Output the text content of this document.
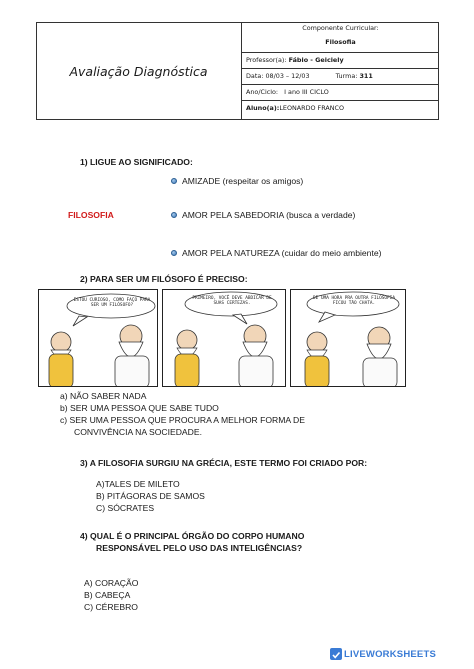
Avaliação Diagnóstica
Componente Curricular:
Filosofia
Professor(a): Fábio - Geiciely
Data: 08/03 – 12/03	Turma: 311
Ano/Ciclo: I ano III CICLO
Aluno(a):LEONARDO FRANCO
1) LIGUE AO SIGNIFICADO:
AMIZADE (respeitar os amigos)
FILOSOFIA	AMOR PELA SABEDORIA (busca a verdade)
AMOR PELA NATUREZA (cuidar do meio ambiente)
2) PARA SER UM FILÓSOFO É PRECISO:
ESTOU CURIOSO, COMO FAÇO PARA SER UM FILÓSOFO?
PRIMEIRO, VOCÊ DEVE ABDICAR DE SUAS CERTEZAS.
DE UMA HORA PRA OUTRA FILOSOFIA FICOU TÃO CHATA.
a) NÃO SABER NADA
b) SER UMA PESSOA QUE SABE TUDO
c) SER UMA PESSOA QUE PROCURA A MELHOR FORMA DE
CONVIVÊNCIA NA SOCIEDADE.
3) A FILOSOFIA SURGIU NA GRÉCIA, ESTE TERMO FOI CRIADO POR:
A)TALES DE MILETO
B) PITÁGORAS DE SAMOS
C) SÓCRATES
4) QUAL É O PRINCIPAL ÓRGÃO DO CORPO HUMANO
RESPONSÁVEL PELO USO DAS INTELIGÊNCIAS?
A) CORAÇÃO
B) CABEÇA
C) CÉREBRO
LIVEWORKSHEETS
